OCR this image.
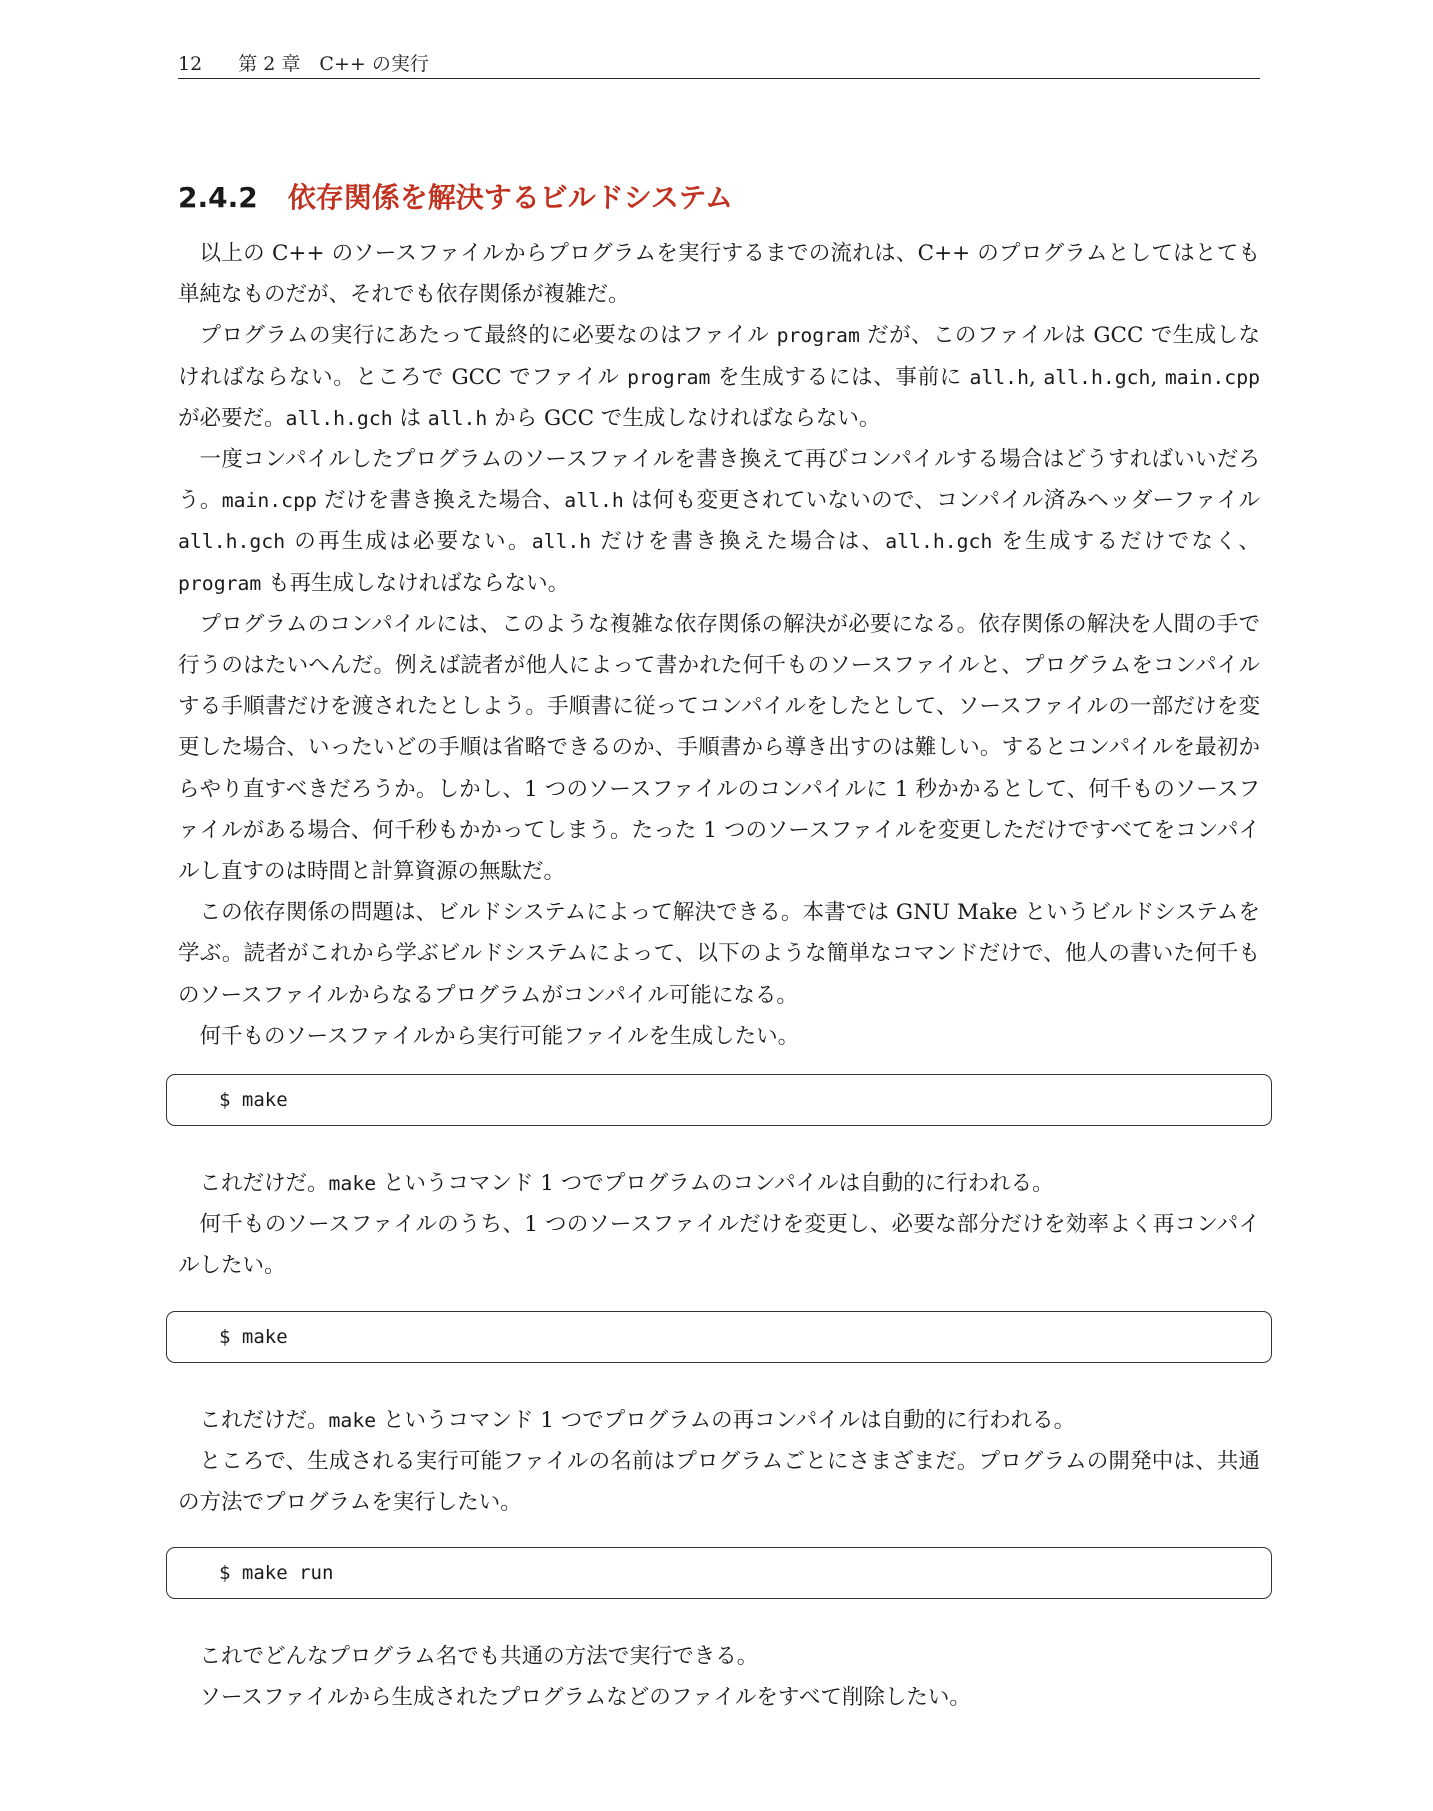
12 第 2 章　C++ の実行
2.4.2 依存関係を解決するビルドシステム

以上の C++ のソースファイルからプログラムを実行するまでの流れは、C++ のプログラムとしてはとても単純なものだが、それでも依存関係が複雑だ。

プログラムの実行にあたって最終的に必要なのはファイル program だが、このファイルは GCC で生成しなければならない。ところで GCC でファイル program を生成するには、事前に all.h, all.h.gch, main.cpp が必要だ。all.h.gch は all.h から GCC で生成しなければならない。

一度コンパイルしたプログラムのソースファイルを書き換えて再びコンパイルする場合はどうすればいいだろう。main.cpp だけを書き換えた場合、all.h は何も変更されていないので、コンパイル済みヘッダーファイル all.h.gch の再生成は必要ない。all.h だけを書き換えた場合は、all.h.gch を生成するだけでなく、program も再生成しなければならない。

プログラムのコンパイルには、このような複雑な依存関係の解決が必要になる。依存関係の解決を人間の手で行うのはたいへんだ。例えば読者が他人によって書かれた何千ものソースファイルと、プログラムをコンパイルする手順書だけを渡されたとしよう。手順書に従ってコンパイルをしたとして、ソースファイルの一部だけを変更した場合、いったいどの手順は省略できるのか、手順書から導き出すのは難しい。するとコンパイルを最初からやり直すべきだろうか。しかし、1 つのソースファイルのコンパイルに 1 秒かかるとして、何千ものソースファイルがある場合、何千秒もかかってしまう。たった 1 つのソースファイルを変更しただけですべてをコンパイルし直すのは時間と計算資源の無駄だ。

この依存関係の問題は、ビルドシステムによって解決できる。本書では GNU Make というビルドシステムを学ぶ。読者がこれから学ぶビルドシステムによって、以下のような簡単なコマンドだけで、他人の書いた何千ものソースファイルからなるプログラムがコンパイル可能になる。

何千ものソースファイルから実行可能ファイルを生成したい。

$ make

これだけだ。make というコマンド 1 つでプログラムのコンパイルは自動的に行われる。

何千ものソースファイルのうち、1 つのソースファイルだけを変更し、必要な部分だけを効率よく再コンパイルしたい。

$ make

これだけだ。make というコマンド 1 つでプログラムの再コンパイルは自動的に行われる。

ところで、生成される実行可能ファイルの名前はプログラムごとにさまざまだ。プログラムの開発中は、共通の方法でプログラムを実行したい。

$ make run

これでどんなプログラム名でも共通の方法で実行できる。

ソースファイルから生成されたプログラムなどのファイルをすべて削除したい。
